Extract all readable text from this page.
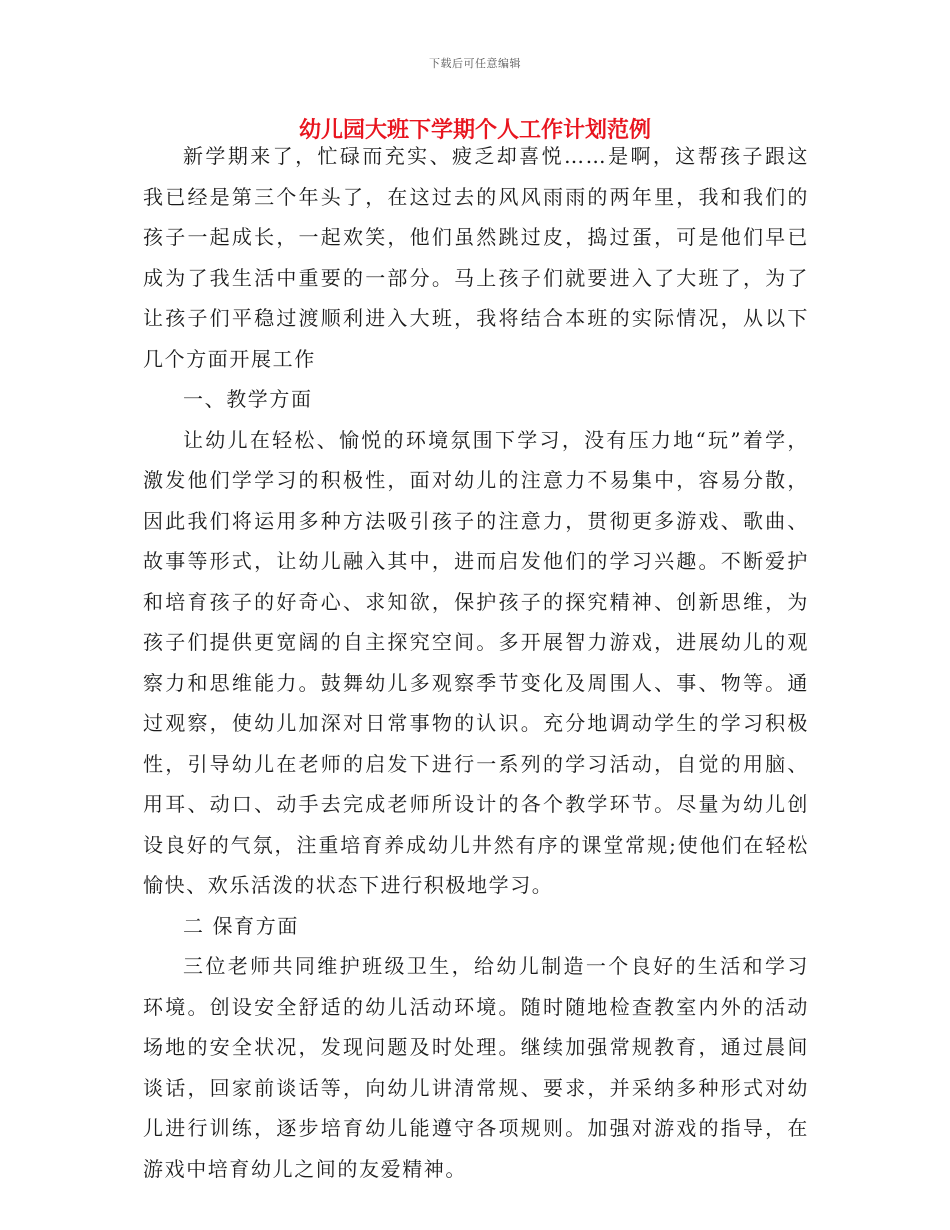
下载后可任意编辑
幼儿园大班下学期个人工作计划范例

新学期来了，忙碌而充实、疲乏却喜悦……是啊，这帮孩子跟这我已经是第三个年头了，在这过去的风风雨雨的两年里，我和我们的孩子一起成长，一起欢笑，他们虽然跳过皮，捣过蛋，可是他们早已成为了我生活中重要的一部分。马上孩子们就要进入了大班了，为了让孩子们平稳过渡顺利进入大班，我将结合本班的实际情况，从以下几个方面开展工作

一、教学方面

让幼儿在轻松、愉悦的环境氛围下学习，没有压力地“玩”着学，激发他们学学习的积极性，面对幼儿的注意力不易集中，容易分散，因此我们将运用多种方法吸引孩子的注意力，贯彻更多游戏、歌曲、故事等形式，让幼儿融入其中，进而启发他们的学习兴趣。不断爱护和培育孩子的好奇心、求知欲，保护孩子的探究精神、创新思维，为孩子们提供更宽阔的自主探究空间。多开展智力游戏，进展幼儿的观察力和思维能力。鼓舞幼儿多观察季节变化及周围人、事、物等。通过观察，使幼儿加深对日常事物的认识。充分地调动学生的学习积极性，引导幼儿在老师的启发下进行一系列的学习活动，自觉的用脑、用耳、动口、动手去完成老师所设计的各个教学环节。尽量为幼儿创设良好的气氛，注重培育养成幼儿井然有序的课堂常规;使他们在轻松愉快、欢乐活泼的状态下进行积极地学习。

二 保育方面

三位老师共同维护班级卫生，给幼儿制造一个良好的生活和学习环境。创设安全舒适的幼儿活动环境。随时随地检查教室内外的活动场地的安全状况，发现问题及时处理。继续加强常规教育，通过晨间谈话，回家前谈话等，向幼儿讲清常规、要求，并采纳多种形式对幼儿进行训练，逐步培育幼儿能遵守各项规则。加强对游戏的指导，在游戏中培育幼儿之间的友爱精神。
